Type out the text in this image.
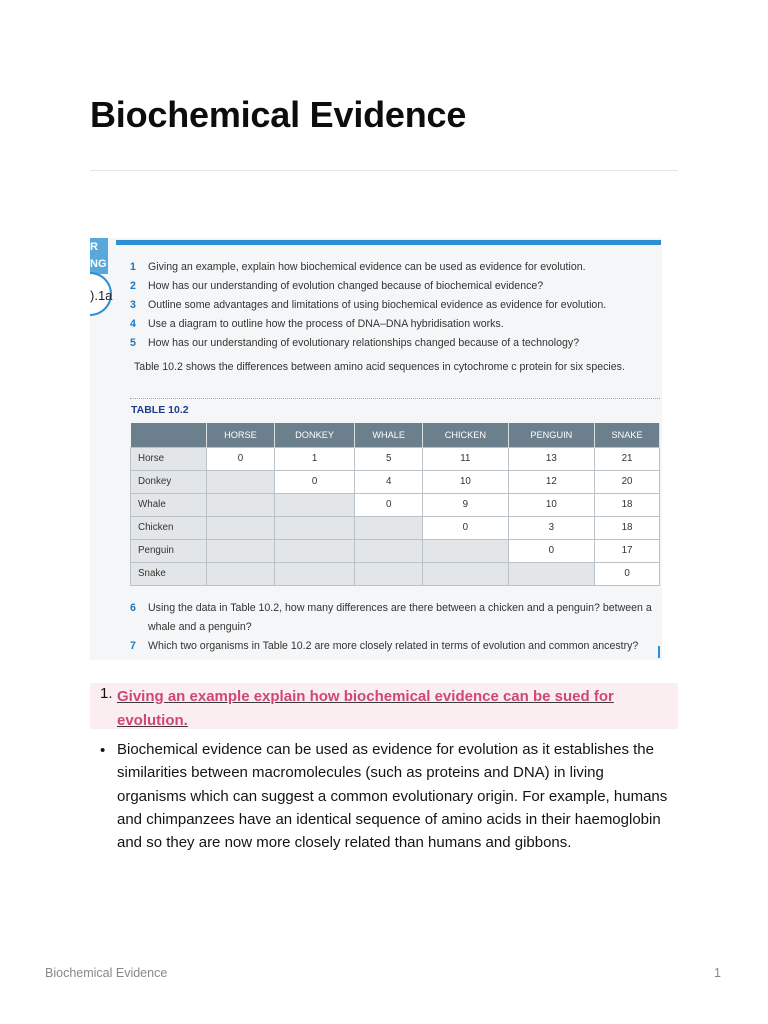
Biochemical Evidence
R
NG
).1a
1	Giving an example, explain how biochemical evidence can be used as evidence for evolution.
2	How has our understanding of evolution changed because of biochemical evidence?
3	Outline some advantages and limitations of using biochemical evidence as evidence for evolution.
4	Use a diagram to outline how the process of DNA–DNA hybridisation works.
5	How has our understanding of evolutionary relationships changed because of a technology?
Table 10.2 shows the differences between amino acid sequences in cytochrome c protein for six species.
TABLE 10.2
	HORSE	DONKEY	WHALE	CHICKEN	PENGUIN	SNAKE
Horse	0	1	5	11	13	21
Donkey		0	4	10	12	20
Whale			0	9	10	18
Chicken				0	3	18
Penguin					0	17
Snake						0
6	Using the data in Table 10.2, how many differences are there between a chicken and a penguin? between a whale and a penguin?
7	Which two organisms in Table 10.2 are more closely related in terms of evolution and common ancestry?
1. Giving an example explain how biochemical evidence can be sued for evolution.
• Biochemical evidence can be used as evidence for evolution as it establishes the similarities between macromolecules (such as proteins and DNA) in living organisms which can suggest a common evolutionary origin. For example, humans and chimpanzees have an identical sequence of amino acids in their haemoglobin and so they are now more closely related than humans and gibbons.

Biochemical Evidence	1
